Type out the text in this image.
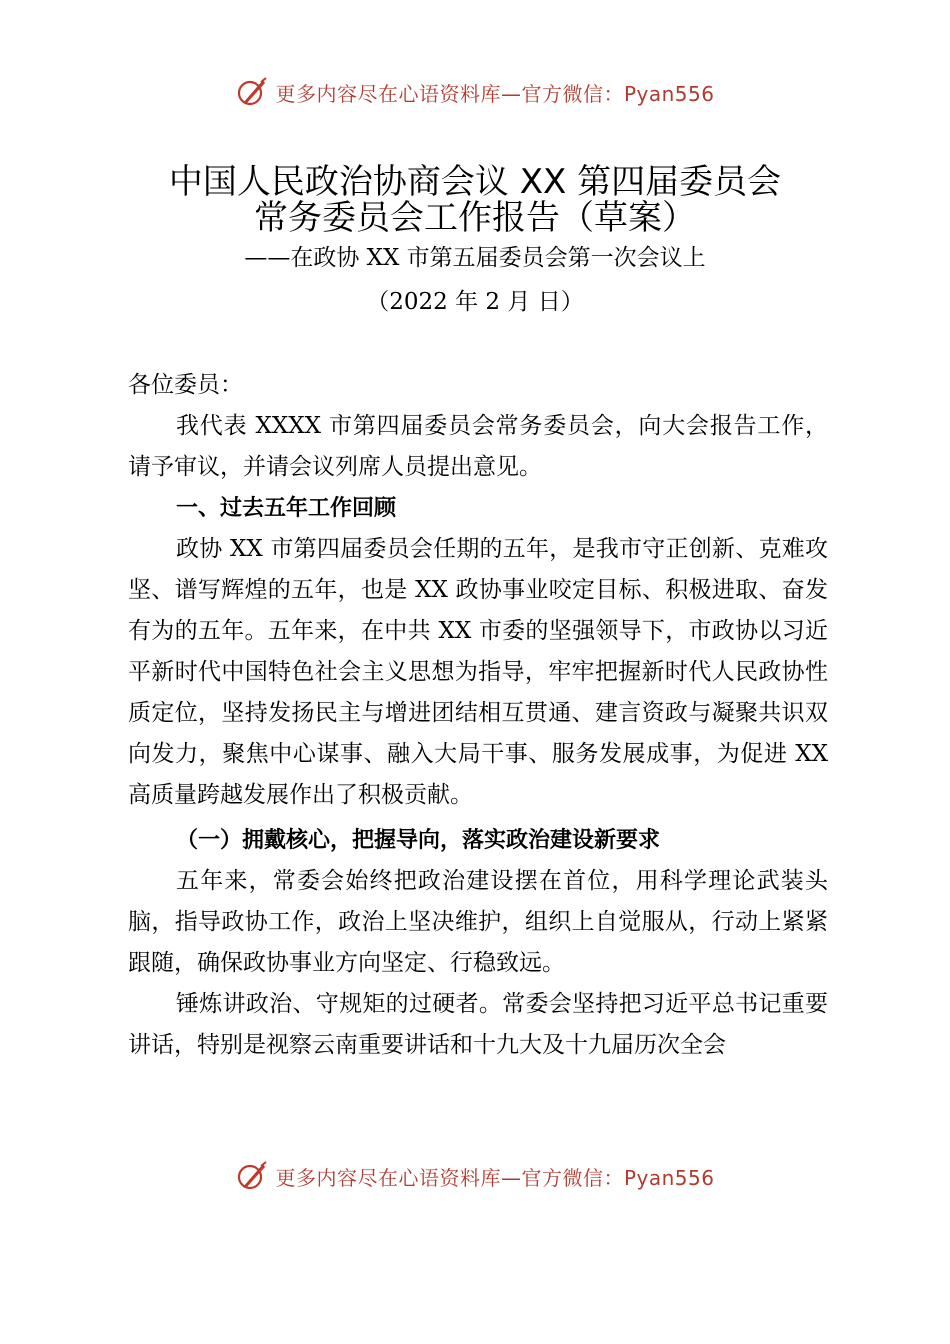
更多内容尽在心语资料库—官方微信：Pyan556
中国人民政治协商会议 XX 第四届委员会
常务委员会工作报告（草案）
——在政协 XX 市第五届委员会第一次会议上
（2022 年 2 月 日）

各位委员：

我代表 XXXX 市第四届委员会常务委员会，向大会报告工作，请予审议，并请会议列席人员提出意见。

一、过去五年工作回顾

政协 XX 市第四届委员会任期的五年，是我市守正创新、克难攻坚、谱写辉煌的五年，也是 XX 政协事业咬定目标、积极进取、奋发有为的五年。五年来，在中共 XX 市委的坚强领导下，市政协以习近平新时代中国特色社会主义思想为指导，牢牢把握新时代人民政协性质定位，坚持发扬民主与增进团结相互贯通、建言资政与凝聚共识双向发力，聚焦中心谋事、融入大局干事、服务发展成事，为促进 XX 高质量跨越发展作出了积极贡献。

（一）拥戴核心，把握导向，落实政治建设新要求

五年来，常委会始终把政治建设摆在首位，用科学理论武装头脑，指导政协工作，政治上坚决维护，组织上自觉服从，行动上紧紧跟随，确保政协事业方向坚定、行稳致远。

锤炼讲政治、守规矩的过硬者。常委会坚持把习近平总书记重要讲话，特别是视察云南重要讲话和十九大及十九届历次全会

更多内容尽在心语资料库—官方微信：Pyan556
